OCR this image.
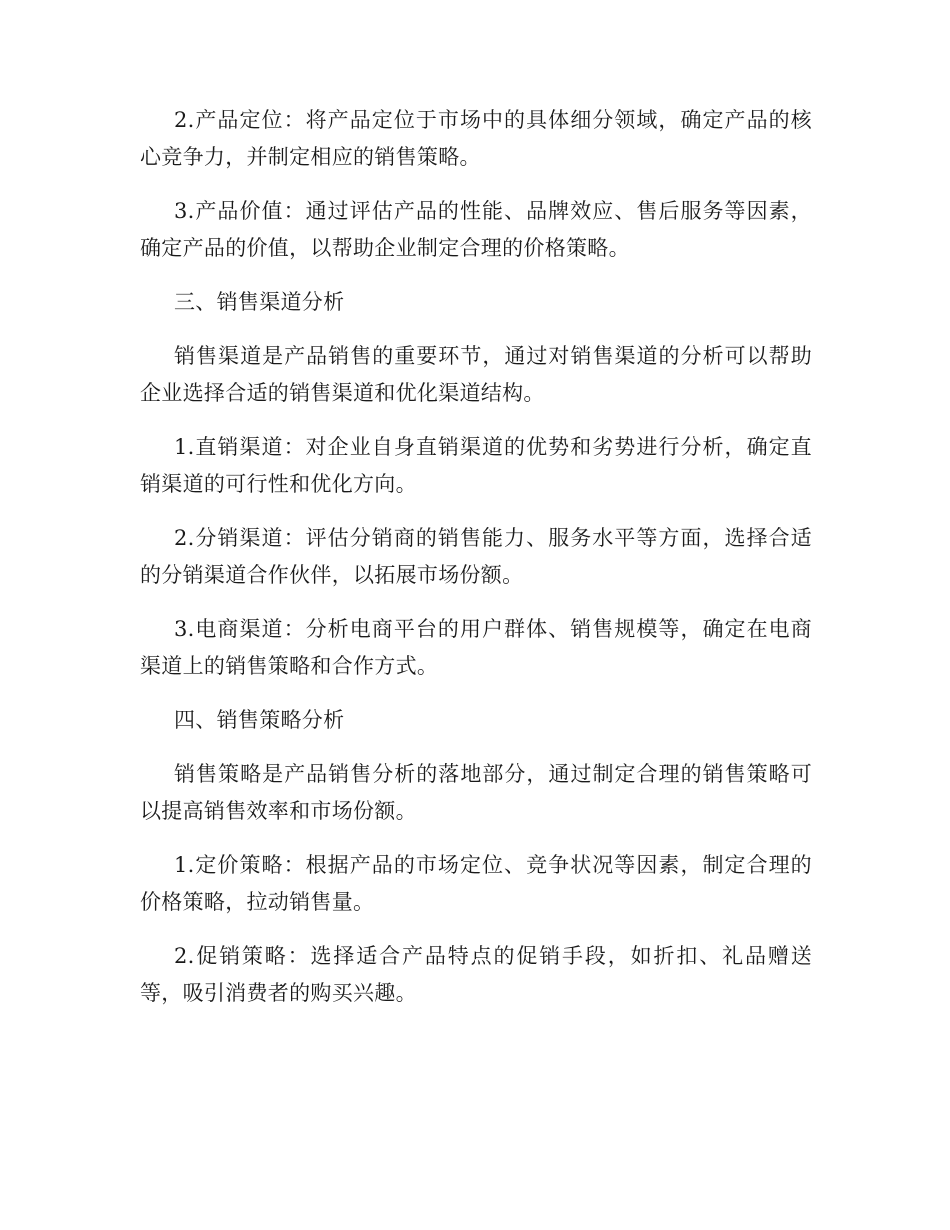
2.产品定位：将产品定位于市场中的具体细分领域，确定产品的核心竞争力，并制定相应的销售策略。

3.产品价值：通过评估产品的性能、品牌效应、售后服务等因素，确定产品的价值，以帮助企业制定合理的价格策略。

三、销售渠道分析

销售渠道是产品销售的重要环节，通过对销售渠道的分析可以帮助企业选择合适的销售渠道和优化渠道结构。

1.直销渠道：对企业自身直销渠道的优势和劣势进行分析，确定直销渠道的可行性和优化方向。

2.分销渠道：评估分销商的销售能力、服务水平等方面，选择合适的分销渠道合作伙伴，以拓展市场份额。

3.电商渠道：分析电商平台的用户群体、销售规模等，确定在电商渠道上的销售策略和合作方式。

四、销售策略分析

销售策略是产品销售分析的落地部分，通过制定合理的销售策略可以提高销售效率和市场份额。

1.定价策略：根据产品的市场定位、竞争状况等因素，制定合理的价格策略，拉动销售量。

2.促销策略：选择适合产品特点的促销手段，如折扣、礼品赠送等，吸引消费者的购买兴趣。
